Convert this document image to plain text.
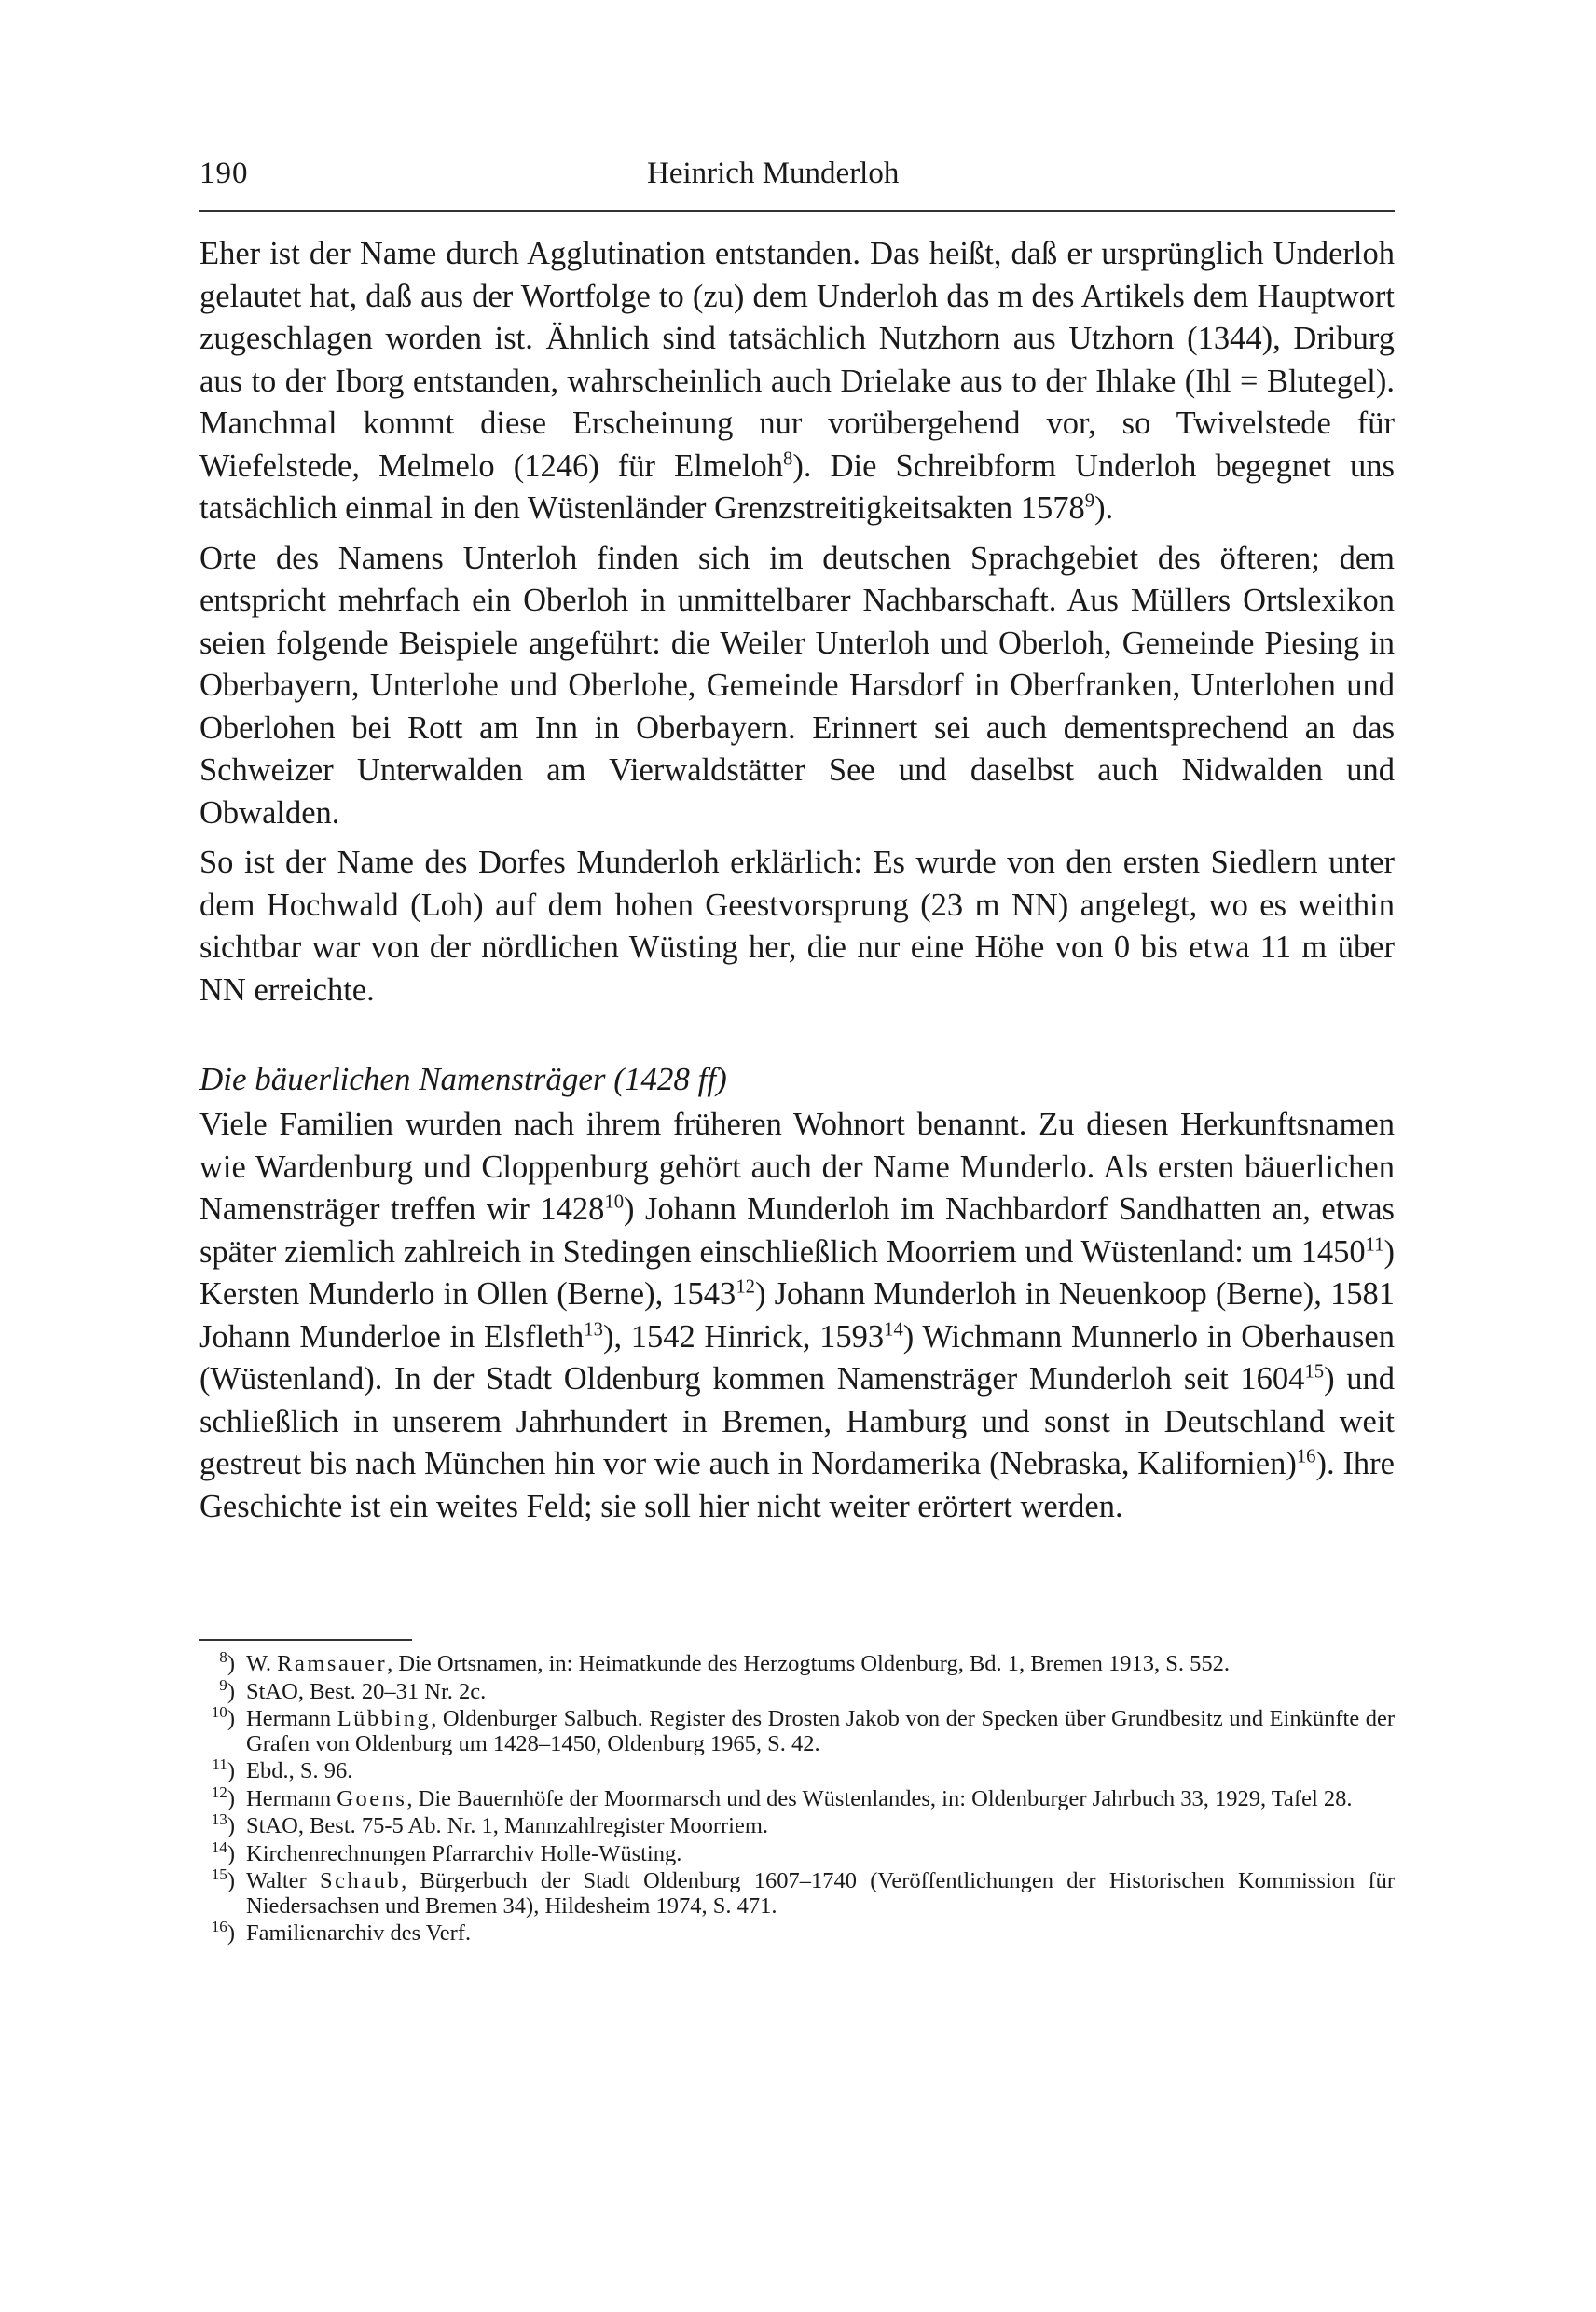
190	Heinrich Munderloh

Eher ist der Name durch Agglutination entstanden. Das heißt, daß er ursprünglich Underloh gelautet hat, daß aus der Wortfolge to (zu) dem Underloh das m des Artikels dem Hauptwort zugeschlagen worden ist. Ähnlich sind tatsächlich Nutzhorn aus Utzhorn (1344), Driburg aus to der Iborg entstanden, wahrscheinlich auch Drielake aus to der Ihlake (Ihl = Blutegel). Manchmal kommt diese Erscheinung nur vorübergehend vor, so Twivelstede für Wiefelstede, Melmelo (1246) für Elmeloh$^8$). Die Schreibform Underloh begegnet uns tatsächlich einmal in den Wüstenländer Grenzstreitigkeitsakten 1578$^9$).

Orte des Namens Unterloh finden sich im deutschen Sprachgebiet des öfteren; dem entspricht mehrfach ein Oberloh in unmittelbarer Nachbarschaft. Aus Müllers Ortslexikon seien folgende Beispiele angeführt: die Weiler Unterloh und Oberloh, Gemeinde Piesing in Oberbayern, Unterlohe und Oberlohe, Gemeinde Harsdorf in Oberfranken, Unterlohen und Oberlohen bei Rott am Inn in Oberbayern. Erinnert sei auch dementsprechend an das Schweizer Unterwalden am Vierwaldstätter See und daselbst auch Nidwalden und Obwalden.

So ist der Name des Dorfes Munderloh erklärlich: Es wurde von den ersten Siedlern unter dem Hochwald (Loh) auf dem hohen Geestvorsprung (23 m NN) angelegt, wo es weithin sichtbar war von der nördlichen Wüsting her, die nur eine Höhe von 0 bis etwa 11 m über NN erreichte.

Die bäuerlichen Namensträger (1428 ff)

Viele Familien wurden nach ihrem früheren Wohnort benannt. Zu diesen Herkunftsnamen wie Wardenburg und Cloppenburg gehört auch der Name Munderlo. Als ersten bäuerlichen Namensträger treffen wir 1428$^{10}$) Johann Munderloh im Nachbardorf Sandhatten an, etwas später ziemlich zahlreich in Stedingen einschließlich Moorriem und Wüstenland: um 1450$^{11}$) Kersten Munderlo in Ollen (Berne), 1543$^{12}$) Johann Munderloh in Neuenkoop (Berne), 1581 Johann Munderloe in Elsfleth$^{13}$), 1542 Hinrick, 1593$^{14}$) Wichmann Munnerlo in Oberhausen (Wüstenland). In der Stadt Oldenburg kommen Namensträger Munderloh seit 1604$^{15}$) und schließlich in unserem Jahrhundert in Bremen, Hamburg und sonst in Deutschland weit gestreut bis nach München hin vor wie auch in Nordamerika (Nebraska, Kalifornien)$^{16}$). Ihre Geschichte ist ein weites Feld; sie soll hier nicht weiter erörtert werden.

$^8$) W. Ramsauer, Die Ortsnamen, in: Heimatkunde des Herzogtums Oldenburg, Bd. 1, Bremen 1913, S. 552.
$^9$) StAO, Best. 20–31 Nr. 2c.
$^{10}$) Hermann Lübbing, Oldenburger Salbuch. Register des Drosten Jakob von der Specken über Grundbesitz und Einkünfte der Grafen von Oldenburg um 1428–1450, Oldenburg 1965, S. 42.
$^{11}$) Ebd., S. 96.
$^{12}$) Hermann Goens, Die Bauernhöfe der Moormarsch und des Wüstenlandes, in: Oldenburger Jahrbuch 33, 1929, Tafel 28.
$^{13}$) StAO, Best. 75-5 Ab. Nr. 1, Mannzahlregister Moorriem.
$^{14}$) Kirchenrechnungen Pfarrarchiv Holle-Wüsting.
$^{15}$) Walter Schaub, Bürgerbuch der Stadt Oldenburg 1607–1740 (Veröffentlichungen der Historischen Kommission für Niedersachsen und Bremen 34), Hildesheim 1974, S. 471.
$^{16}$) Familienarchiv des Verf.
